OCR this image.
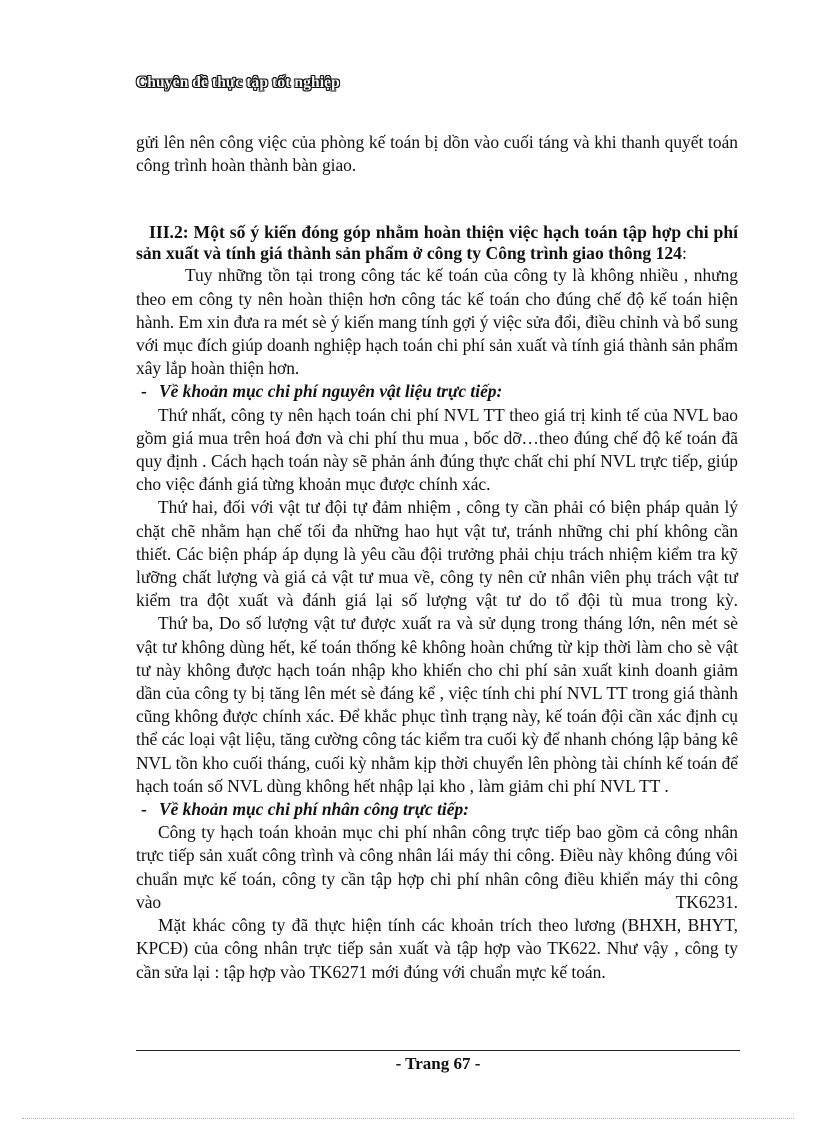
Chuyên đề thực tập tốt nghiệp

gửi lên nên công việc của phòng kế toán bị dồn vào cuối táng và khi thanh quyết toán công trình hoàn thành bàn giao.

III.2: Một số ý kiến đóng góp nhằm hoàn thiện việc hạch toán tập hợp chi phí sản xuất và tính giá thành sản phẩm ở công ty Công trình giao thông 124:

Tuy những tồn tại trong công tác kế toán của công ty là không nhiều , nhưng theo em công ty nên hoàn thiện hơn công tác kế toán cho đúng chế độ kế toán hiện hành. Em xin đưa ra mét sè ý kiến mang tính gợi ý việc sửa đổi, điều chỉnh và bổ sung với mục đích giúp doanh nghiệp hạch toán chi phí sản xuất và tính giá thành sản phẩm xây lắp hoàn thiện hơn.

- Về khoản mục chi phí nguyên vật liệu trực tiếp:

Thứ nhất, công ty nên hạch toán chi phí NVL TT theo giá trị kinh tế của NVL bao gồm giá mua trên hoá đơn và chi phí thu mua , bốc dỡ…theo đúng chế độ kế toán đã quy định . Cách hạch toán này sẽ phản ánh đúng thực chất chi phí NVL trực tiếp, giúp cho việc đánh giá từng khoản mục được chính xác.

Thứ hai, đối với vật tư đội tự đảm nhiệm , công ty cần phải có biện pháp quản lý chặt chẽ nhằm hạn chế tối đa những hao hụt vật tư, tránh những chi phí không cần thiết. Các biện pháp áp dụng là yêu cầu đội trưởng phải chịu trách nhiệm kiểm tra kỹ lưỡng chất lượng và giá cả vật tư mua về, công ty nên cử nhân viên phụ trách vật tư kiểm tra đột xuất và đánh giá lại số lượng vật tư do tổ đội tù mua trong kỳ.

Thứ ba, Do số lượng vật tư được xuất ra và sử dụng trong tháng lớn, nên mét sè vật tư không dùng hết, kế toán thống kê không hoàn chứng từ kịp thời làm cho sè vật tư này không được hạch toán nhập kho khiến cho chi phí sản xuất kinh doanh giảm dần của công ty bị tăng lên mét sè đáng kể , việc tính chi phí NVL TT trong giá thành cũng không được chính xác. Để khắc phục tình trạng này, kế toán đội cần xác định cụ thể các loại vật liệu, tăng cường công tác kiểm tra cuối kỳ để nhanh chóng lập bảng kê NVL tồn kho cuối tháng, cuối kỳ nhằm kịp thời chuyển lên phòng tài chính kế toán để hạch toán số NVL dùng không hết nhập lại kho , làm giảm chi phí NVL TT .

- Về khoản mục chi phí nhân công trực tiếp:

Công ty hạch toán khoản mục chi phí nhân công trực tiếp bao gồm cả công nhân trực tiếp sản xuất công trình và công nhân lái máy thi công. Điều này không đúng vôi chuẩn mực kế toán, công ty cần tập hợp chi phí nhân công điều khiển máy thi công vào TK6231.

Mặt khác công ty đã thực hiện tính các khoản trích theo lương (BHXH, BHYT, KPCĐ) của công nhân trực tiếp sản xuất và tập hợp vào TK622. Như vậy , công ty cần sửa lại : tập hợp vào TK6271 mới đúng với chuẩn mực kế toán.

- Trang 67 -
